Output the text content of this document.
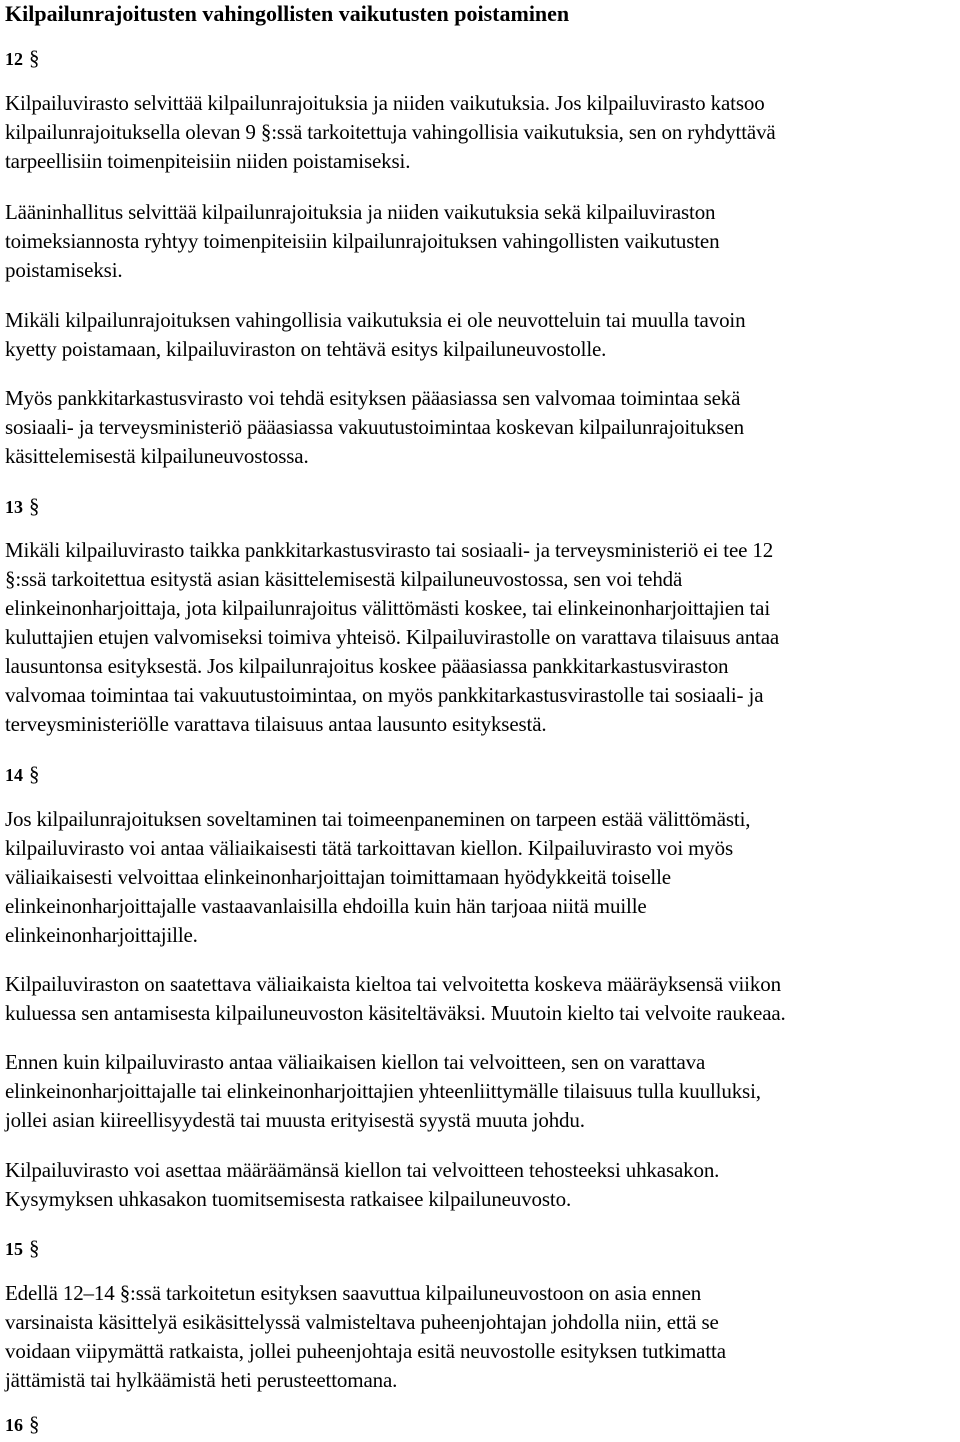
Kilpailunrajoitusten vahingollisten vaikutusten poistaminen
12 §

Kilpailuvirasto selvittää kilpailunrajoituksia ja niiden vaikutuksia. Jos kilpailuvirasto katsoo
kilpailunrajoituksella olevan 9 §:ssä tarkoitettuja vahingollisia vaikutuksia, sen on ryhdyttävä
tarpeellisiin toimenpiteisiin niiden poistamiseksi.

Lääninhallitus selvittää kilpailunrajoituksia ja niiden vaikutuksia sekä kilpailuviraston
toimeksiannosta ryhtyy toimenpiteisiin kilpailunrajoituksen vahingollisten vaikutusten
poistamiseksi.

Mikäli kilpailunrajoituksen vahingollisia vaikutuksia ei ole neuvotteluin tai muulla tavoin
kyetty poistamaan, kilpailuviraston on tehtävä esitys kilpailuneuvostolle.

Myös pankkitarkastusvirasto voi tehdä esityksen pääasiassa sen valvomaa toimintaa sekä
sosiaali- ja terveysministeriö pääasiassa vakuutustoimintaa koskevan kilpailunrajoituksen
käsittelemisestä kilpailuneuvostossa.

13 §

Mikäli kilpailuvirasto taikka pankkitarkastusvirasto tai sosiaali- ja terveysministeriö ei tee 12
§:ssä tarkoitettua esitystä asian käsittelemisestä kilpailuneuvostossa, sen voi tehdä
elinkeinonharjoittaja, jota kilpailunrajoitus välittömästi koskee, tai elinkeinonharjoittajien tai
kuluttajien etujen valvomiseksi toimiva yhteisö. Kilpailuvirastolle on varattava tilaisuus antaa
lausuntonsa esityksestä. Jos kilpailunrajoitus koskee pääasiassa pankkitarkastusviraston
valvomaa toimintaa tai vakuutustoimintaa, on myös pankkitarkastusvirastolle tai sosiaali- ja
terveysministeriölle varattava tilaisuus antaa lausunto esityksestä.

14 §

Jos kilpailunrajoituksen soveltaminen tai toimeenpaneminen on tarpeen estää välittömästi,
kilpailuvirasto voi antaa väliaikaisesti tätä tarkoittavan kiellon. Kilpailuvirasto voi myös
väliaikaisesti velvoittaa elinkeinonharjoittajan toimittamaan hyödykkeitä toiselle
elinkeinonharjoittajalle vastaavanlaisilla ehdoilla kuin hän tarjoaa niitä muille
elinkeinonharjoittajille.

Kilpailuviraston on saatettava väliaikaista kieltoa tai velvoitetta koskeva määräyksensä viikon
kuluessa sen antamisesta kilpailuneuvoston käsiteltäväksi. Muutoin kielto tai velvoite raukeaa.

Ennen kuin kilpailuvirasto antaa väliaikaisen kiellon tai velvoitteen, sen on varattava
elinkeinonharjoittajalle tai elinkeinonharjoittajien yhteenliittymälle tilaisuus tulla kuulluksi,
jollei asian kiireellisyydestä tai muusta erityisestä syystä muuta johdu.

Kilpailuvirasto voi asettaa määräämänsä kiellon tai velvoitteen tehosteeksi uhkasakon.
Kysymyksen uhkasakon tuomitsemisesta ratkaisee kilpailuneuvosto.

15 §

Edellä 12–14 §:ssä tarkoitetun esityksen saavuttua kilpailuneuvostoon on asia ennen
varsinaista käsittelyä esikäsittelyssä valmisteltava puheenjohtajan johdolla niin, että se
voidaan viipymättä ratkaista, jollei puheenjohtaja esitä neuvostolle esityksen tutkimatta
jättämistä tai hylkäämistä heti perusteettomana.

16 §
